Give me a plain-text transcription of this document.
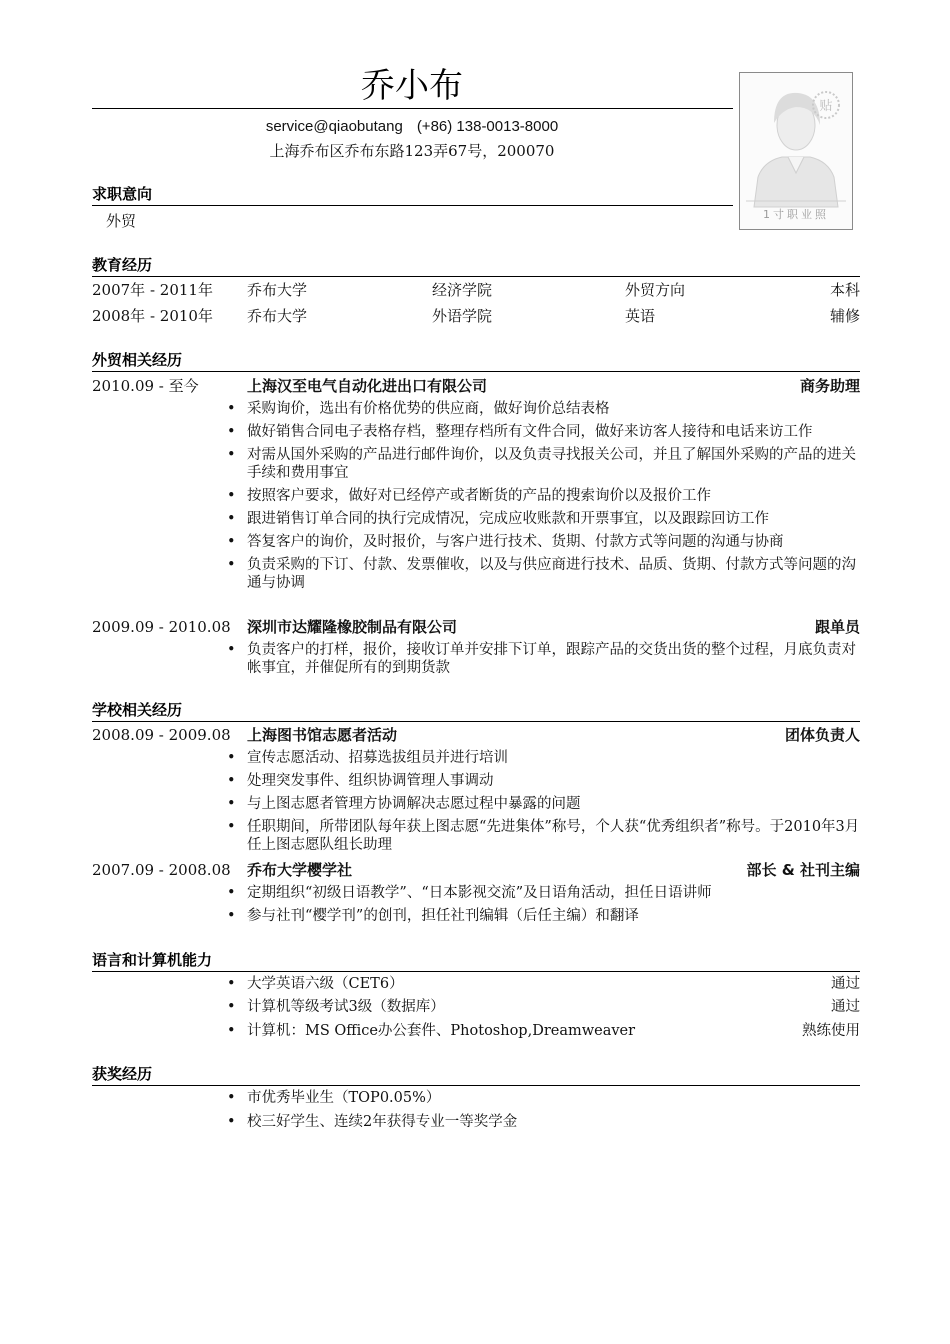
乔小布
service@qiaobutang (+86) 138-0013-8000
上海乔布区乔布东路123弄67号，200070
贴
1寸职业照
求职意向
外贸
教育经历
2007年 - 2011年 乔布大学	经济学院	外贸方向	本科
2008年 - 2010年 乔布大学	外语学院	英语	辅修
外贸相关经历
2010.09 - 至今	上海汉至电气自动化进出口有限公司	商务助理
• 采购询价，选出有价格优势的供应商，做好询价总结表格
• 做好销售合同电子表格存档，整理存档所有文件合同，做好来访客人接待和电话来访工作
• 对需从国外采购的产品进行邮件询价，以及负责寻找报关公司，并且了解国外采购的产品的进关手续和费用事宜
• 按照客户要求，做好对已经停产或者断货的产品的搜索询价以及报价工作
• 跟进销售订单合同的执行完成情况，完成应收账款和开票事宜，以及跟踪回访工作
• 答复客户的询价，及时报价，与客户进行技术、货期、付款方式等问题的沟通与协商
• 负责采购的下订、付款、发票催收，以及与供应商进行技术、品质、货期、付款方式等问题的沟通与协调
2009.09 - 2010.08 深圳市达耀隆橡胶制品有限公司	跟单员
• 负责客户的打样，报价，接收订单并安排下订单，跟踪产品的交货出货的整个过程，月底负责对帐事宜，并催促所有的到期货款
学校相关经历
2008.09 - 2009.08 上海图书馆志愿者活动	团体负责人
• 宣传志愿活动、招募选拔组员并进行培训
• 处理突发事件、组织协调管理人事调动
• 与上图志愿者管理方协调解决志愿过程中暴露的问题
• 任职期间，所带团队每年获上图志愿“先进集体”称号，个人获“优秀组织者”称号。于2010年3月任上图志愿队组长助理
2007.09 - 2008.08 乔布大学樱学社	部长 & 社刊主编
• 定期组织“初级日语教学”、“日本影视交流”及日语角活动，担任日语讲师
• 参与社刊“樱学刊”的创刊，担任社刊编辑（后任主编）和翻译
语言和计算机能力
• 大学英语六级（CET6）	通过
• 计算机等级考试3级（数据库）	通过
• 计算机：MS Office办公套件、Photoshop,Dreamweaver	熟练使用
获奖经历
• 市优秀毕业生（TOP0.05%）
• 校三好学生、连续2年获得专业一等奖学金
